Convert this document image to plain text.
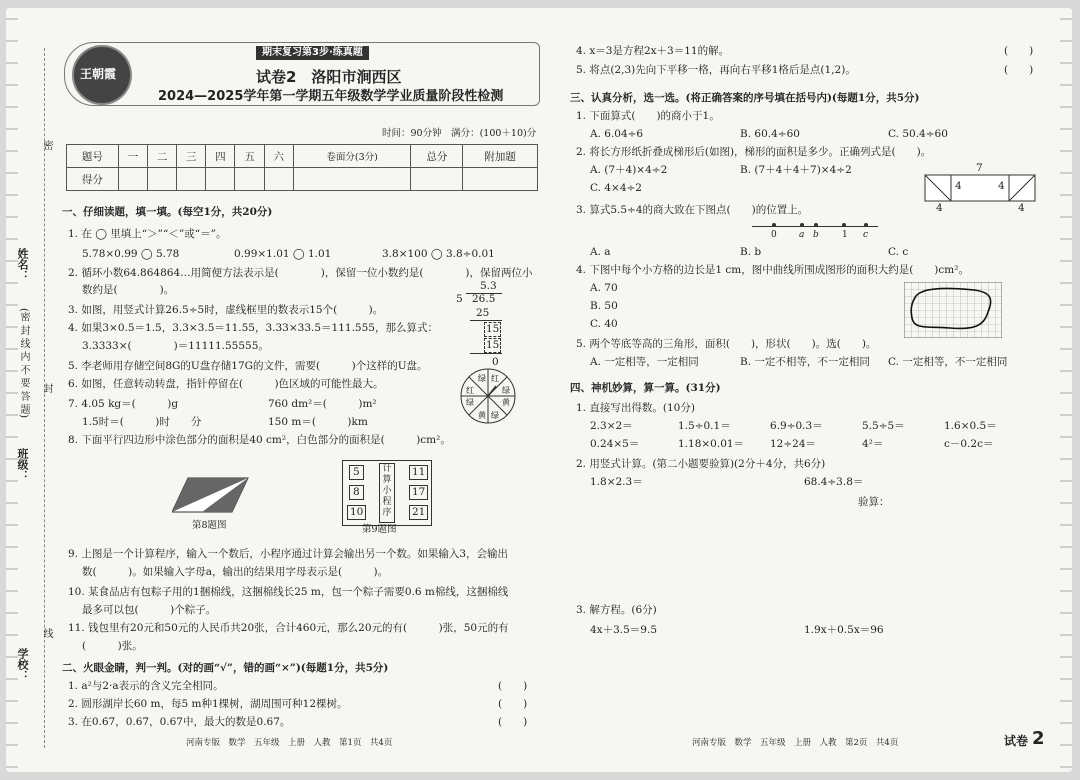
姓名：
(密 封 线 内 不 要 答 题)
班级：
学校：
密
封
线
王朝霞
期末复习第3步·练真题
试卷2　洛阳市涧西区
2024—2025学年第一学期五年级数学学业质量阶段性检测
时间：90分钟　满分：(100＋10)分
题号	一	二	三	四	五	六	卷面分(3分)	总分	附加题
得分									
一、仔细读题，填一填。(每空1分，共20分)
1. 在 ◯ 里填上“＞”“＜”或“＝”。
5.78×0.99 ◯ 5.78	0.99×1.01 ◯ 1.01	3.8×100 ◯ 3.8÷0.01
2. 循环小数64.864864…用简便方法表示是(　　　　)，保留一位小数约是(　　　　)，保留两位小
数约是(　　　　)。
3. 如图，用竖式计算26.5÷5时，虚线框里的数表示15个(　　　)。
4. 如果3×0.5＝1.5，3.3×3.5＝11.55，3.33×33.5＝111.555，那么算式：
3.3333×(　　　　)＝11111.55555。
5. 李老师用存储空间8G的U盘存储17G的文件，需要(　　　)个这样的U盘。
6. 如图，任意转动转盘，指针停留在(　　　)色区域的可能性最大。
7. 4.05 kg＝(　　　)g	760 dm²＝(　　　)m²
1.5时＝(　　　)时　　分	150 m＝(　　　)km
8. 下面平行四边形中涂色部分的面积是40 cm²，白色部分的面积是(　　　)cm²。
5.3
5 26.5
25
15
15
0
红
绿
黄
绿
黄
绿
红
绿
第8题图
5
8
10
计算小程序
11
17
21
第9题图
9. 上图是一个计算程序，输入一个数后，小程序通过计算会输出另一个数。如果输入3，会输出
数(　　　)。如果输入字母a，输出的结果用字母表示是(　　　)。
10. 某食品店有包粽子用的1捆棉线，这捆棉线长25 m，包一个粽子需要0.6 m棉线，这捆棉线
最多可以包(　　　)个粽子。
11. 钱包里有20元和50元的人民币共20张，合计460元，那么20元的有(　　　)张，50元的有
(　　　)张。
二、火眼金睛，判一判。(对的画“√”，错的画“×”)(每题1分，共5分)
1. a²与2·a表示的含义完全相同。	(　　)
2. 圆形湖岸长60 m，每5 m种1棵树，湖周围可种12棵树。	(　　)
3. 在0.6̇7̇，0.67̇，0.67中，最大的数是0.67̇。	(　　)
4. x＝3是方程2x＋3＝11的解。	(　　)
5. 将点(2,3)先向下平移一格，再向右平移1格后是点(1,2)。	(　　)
三、认真分析，选一选。(将正确答案的序号填在括号内)(每题1分，共5分)
1. 下面算式(　　)的商小于1。
A. 6.04÷6	B. 60.4÷60	C. 50.4÷60
2. 将长方形纸折叠成梯形后(如图)，梯形的面积是多少。正确列式是(　　)。
A. (7＋4)×4÷2	B. (7＋4＋4＋7)×4÷2
C. 4×4÷2
7
4	4
4	4
3. 算式5.5÷4的商大致在下图点(　　)的位置上。
0 a b	1 c
A. a	B. b	C. c
4. 下图中每个小方格的边长是1 cm，图中曲线所围成图形的面积大约是(　　)cm²。
A. 70
B. 50
C. 40
5. 两个等底等高的三角形，面积(　　)，形状(　　)。选(　　)。
A. 一定相等，一定相同	B. 一定不相等，不一定相同 C. 一定相等，不一定相同
四、神机妙算，算一算。(31分)
1. 直接写出得数。(10分)
2.3×2＝	1.5÷0.1＝	6.9÷0.3＝	5.5÷5＝	1.6×0.5＝
0.24×5＝	1.18×0.01＝ 12÷24＝	4²＝	c－0.2c＝
2. 用竖式计算。(第二小题要验算)(2分＋4分，共6分)
1.8×2.3＝	68.4÷3.8＝
验算：
3. 解方程。(6分)
4x＋3.5＝9.5	1.9x＋0.5x＝96
河南专版　数学　五年级　上册　人教　第1页　共4页	河南专版　数学　五年级　上册　人教　第2页　共4页	试卷 2
